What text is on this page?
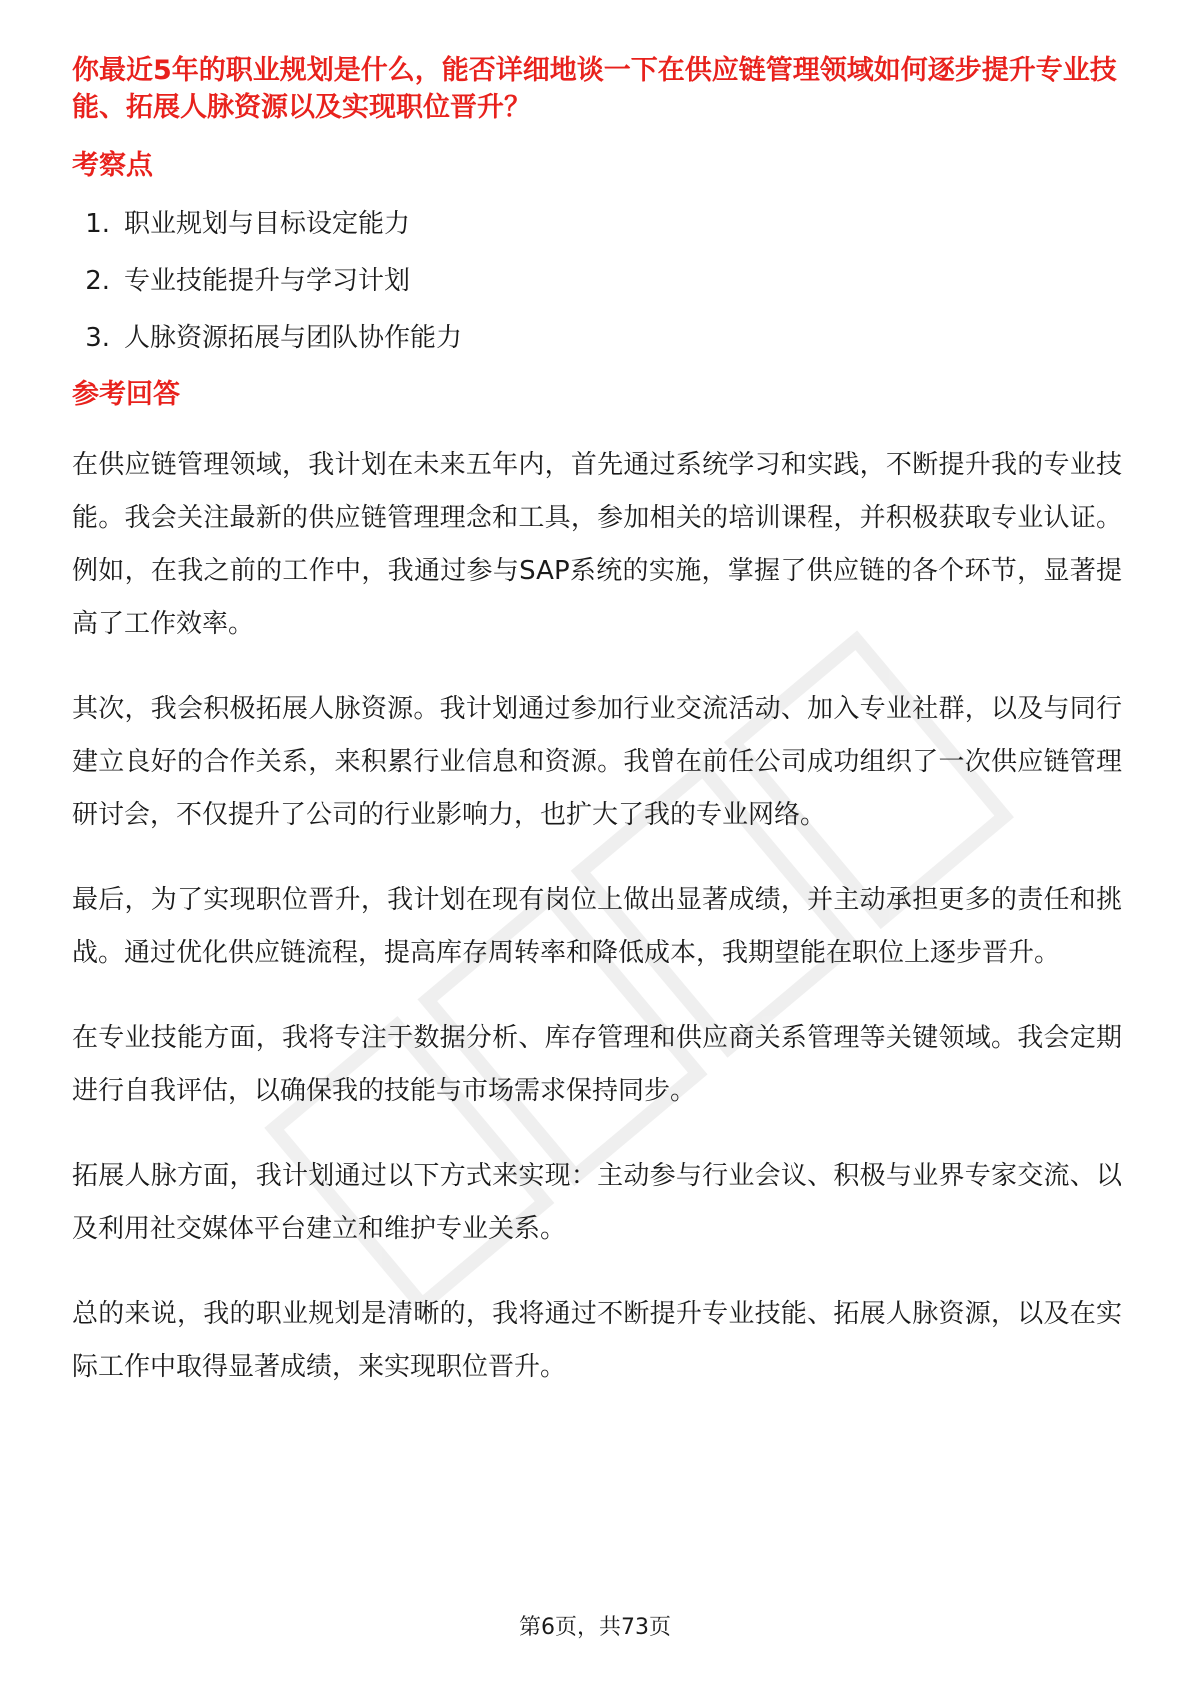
你最近5年的职业规划是什么，能否详细地谈一下在供应链管理领域如何逐步提升专业技能、拓展人脉资源以及实现职位晋升？

考察点
1. 职业规划与目标设定能力
2. 专业技能提升与学习计划
3. 人脉资源拓展与团队协作能力
参考回答

在供应链管理领域，我计划在未来五年内，首先通过系统学习和实践，不断提升我的专业技能。我会关注最新的供应链管理理念和工具，参加相关的培训课程，并积极获取专业认证。例如，在我之前的工作中，我通过参与SAP系统的实施，掌握了供应链的各个环节，显著提高了工作效率。

其次，我会积极拓展人脉资源。我计划通过参加行业交流活动、加入专业社群，以及与同行建立良好的合作关系，来积累行业信息和资源。我曾在前任公司成功组织了一次供应链管理研讨会，不仅提升了公司的行业影响力，也扩大了我的专业网络。

最后，为了实现职位晋升，我计划在现有岗位上做出显著成绩，并主动承担更多的责任和挑战。通过优化供应链流程，提高库存周转率和降低成本，我期望能在职位上逐步晋升。

在专业技能方面，我将专注于数据分析、库存管理和供应商关系管理等关键领域。我会定期进行自我评估，以确保我的技能与市场需求保持同步。

拓展人脉方面，我计划通过以下方式来实现：主动参与行业会议、积极与业界专家交流、以及利用社交媒体平台建立和维护专业关系。

总的来说，我的职业规划是清晰的，我将通过不断提升专业技能、拓展人脉资源，以及在实际工作中取得显著成绩，来实现职位晋升。

第6页，共73页
